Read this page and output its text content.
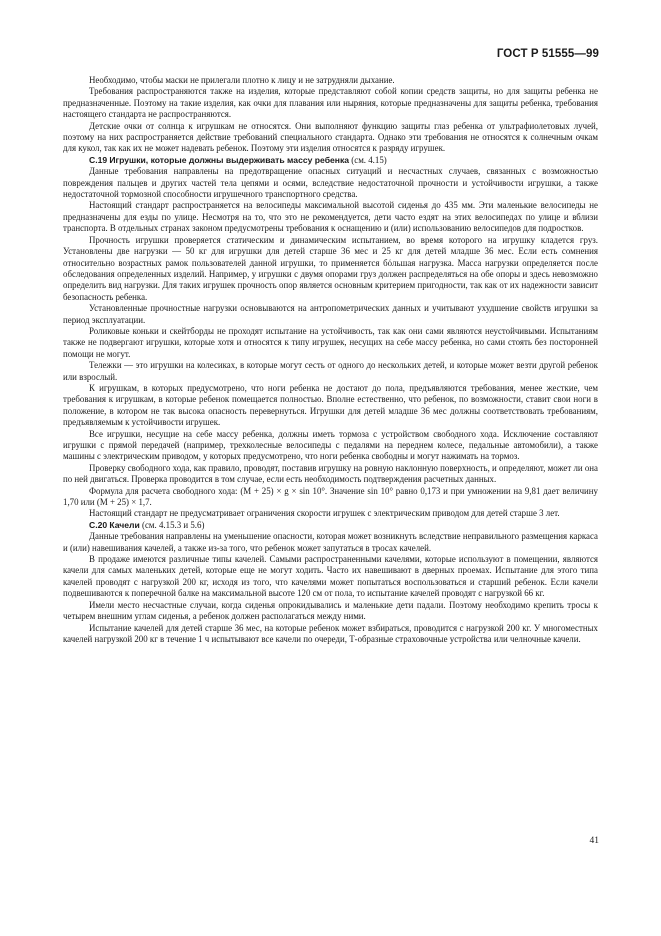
ГОСТ Р 51555—99

Необходимо, чтобы маски не прилегали плотно к лицу и не затрудняли дыхание.

Требования распространяются также на изделия, которые представляют собой копии средств защиты, но для защиты ребенка не предназначенные. Поэтому на такие изделия, как очки для плавания или ныряния, которые предназначены для защиты ребенка, требования настоящего стандарта не распространяются.

Детские очки от солнца к игрушкам не относятся. Они выполняют функцию защиты глаз ребенка от ультрафиолетовых лучей, поэтому на них распространяется действие требований специального стандарта. Однако эти требования не относятся к солнечным очкам для кукол, так как их не может надевать ребенок. Поэтому эти изделия относятся к разряду игрушек.

С.19 Игрушки, которые должны выдерживать массу ребенка (см. 4.15)

Данные требования направлены на предотвращение опасных ситуаций и несчастных случаев, связанных с возможностью повреждения пальцев и других частей тела цепями и осями, вследствие недостаточной прочности и устойчивости игрушки, а также недостаточной тормозной способности игрушечного транспортного средства.

Настоящий стандарт распространяется на велосипеды максимальной высотой сиденья до 435 мм. Эти маленькие велосипеды не предназначены для езды по улице. Несмотря на то, что это не рекомендуется, дети часто ездят на этих велосипедах по улице и вблизи транспорта. В отдельных странах законом предусмотрены требования к оснащению и (или) использованию велосипедов для подростков.

Прочность игрушки проверяется статическим и динамическим испытанием, во время которого на игрушку кладется груз. Установлены две нагрузки — 50 кг для игрушки для детей старше 36 мес и 25 кг для детей младше 36 мес. Если есть сомнения относительно возрастных рамок пользователей данной игрушки, то применяется бόльшая нагрузка. Масса нагрузки определяется после обследования определенных изделий. Например, у игрушки с двумя опорами груз должен распределяться на обе опоры и здесь невозможно определить вид нагрузки. Для таких игрушек прочность опор является основным критерием пригодности, так как от их надежности зависит безопасность ребенка.

Установленные прочностные нагрузки основываются на антропометрических данных и учитывают ухудшение свойств игрушки за период эксплуатации.

Роликовые коньки и скейтборды не проходят испытание на устойчивость, так как они сами являются неустойчивыми. Испытаниям также не подвергают игрушки, которые хотя и относятся к типу игрушек, несущих на себе массу ребенка, но сами стоять без посторонней помощи не могут.

Тележки — это игрушки на колесиках, в которые могут сесть от одного до нескольких детей, и которые может везти другой ребенок или взрослый.

К игрушкам, в которых предусмотрено, что ноги ребенка не достают до пола, предъявляются требования, менее жесткие, чем требования к игрушкам, в которые ребенок помещается полностью. Вполне естественно, что ребенок, по возможности, ставит свои ноги в положение, в котором не так высока опасность перевернуться. Игрушки для детей младше 36 мес должны соответствовать требованиям, предъявляемым к устойчивости игрушек.

Все игрушки, несущие на себе массу ребенка, должны иметь тормоза с устройством свободного хода. Исключение составляют игрушки с прямой передачей (например, трехколесные велосипеды с педалями на переднем колесе, педальные автомобили), а также машины с электрическим приводом, у которых предусмотрено, что ноги ребенка свободны и могут нажимать на тормоз.

Проверку свободного хода, как правило, проводят, поставив игрушку на ровную наклонную поверхность, и определяют, может ли она по ней двигаться. Проверка проводится в том случае, если есть необходимость подтверждения расчетных данных.

Формула для расчета свободного хода: (M + 25) × g × sin 10°. Значение sin 10° равно 0,173 и при умножении на 9,81 дает величину 1,70 или (M + 25) × 1,7.

Настоящий стандарт не предусматривает ограничения скорости игрушек с электрическим приводом для детей старше 3 лет.

С.20 Качели (см. 4.15.3 и 5.6)

Данные требования направлены на уменьшение опасности, которая может возникнуть вследствие неправильного размещения каркаса и (или) навешивания качелей, а также из-за того, что ребенок может запутаться в тросах качелей.

В продаже имеются различные типы качелей. Самыми распространенными качелями, которые используют в помещении, являются качели для самых маленьких детей, которые еще не могут ходить. Часто их навешивают в дверных проемах. Испытание для этого типа качелей проводят с нагрузкой 200 кг, исходя из того, что качелями может попытаться воспользоваться и старший ребенок. Если качели подвешиваются к поперечной балке на максимальной высоте 120 см от пола, то испытание качелей проводят с нагрузкой 66 кг.

Имели место несчастные случаи, когда сиденья опрокидывались и маленькие дети падали. Поэтому необходимо крепить тросы к четырем внешним углам сиденья, а ребенок должен располагаться между ними.

Испытание качелей для детей старше 36 мес, на которые ребенок может взбираться, проводится с нагрузкой 200 кг. У многоместных качелей нагрузкой 200 кг в течение 1 ч испытывают все качели по очереди, Т-образные страховочные устройства или челночные качели.

41
